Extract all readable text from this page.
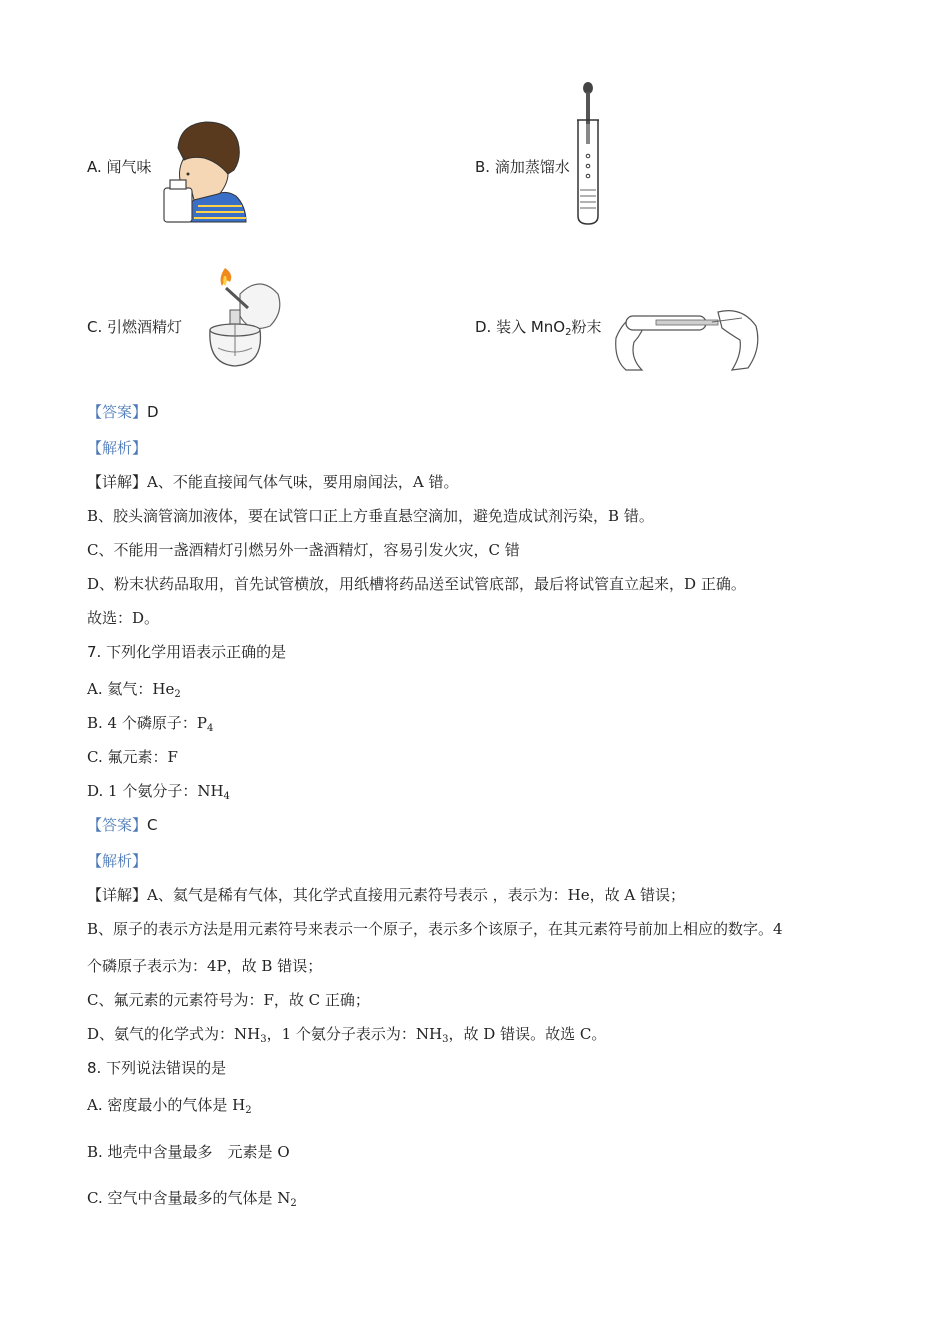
A. 闻气味	B. 滴加蒸馏水
C. 引燃酒精灯	D. 装入 MnO$_2$粉末
【答案】D
【解析】
【详解】A、不能直接闻气体气味，要用扇闻法，A 错。
B、胶头滴管滴加液体，要在试管口正上方垂直悬空滴加，避免造成试剂污染，B 错。
C、不能用一盏酒精灯引燃另外一盏酒精灯，容易引发火灾，C 错
D、粉末状药品取用，首先试管横放，用纸槽将药品送至试管底部，最后将试管直立起来，D 正确。
故选：D。
7. 下列化学用语表示正确的是
A. 氦气：$He_2$
B. 4 个磷原子：$P_4$
C. 氟元素：F
D. 1 个氨分子：$NH_4$
【答案】C
【解析】
【详解】A、氦气是稀有气体，其化学式直接用元素符号表示 ，表示为：He，故 A 错误；
B、原子的表示方法是用元素符号来表示一个原子，表示多个该原子，在其元素符号前加上相应的数字。4
个磷原子表示为：4P，故 B 错误；
C、氟元素的元素符号为：F，故 C 正确；
D、氨气的化学式为：$NH_3$，1 个氨分子表示为：$NH_3$，故 D 错误。故选 C。
8. 下列说法错误的是
A. 密度最小的气体是 $H_2$
B. 地壳中含量最多　元素是 O
C. 空气中含量最多的气体是 $N_2$
